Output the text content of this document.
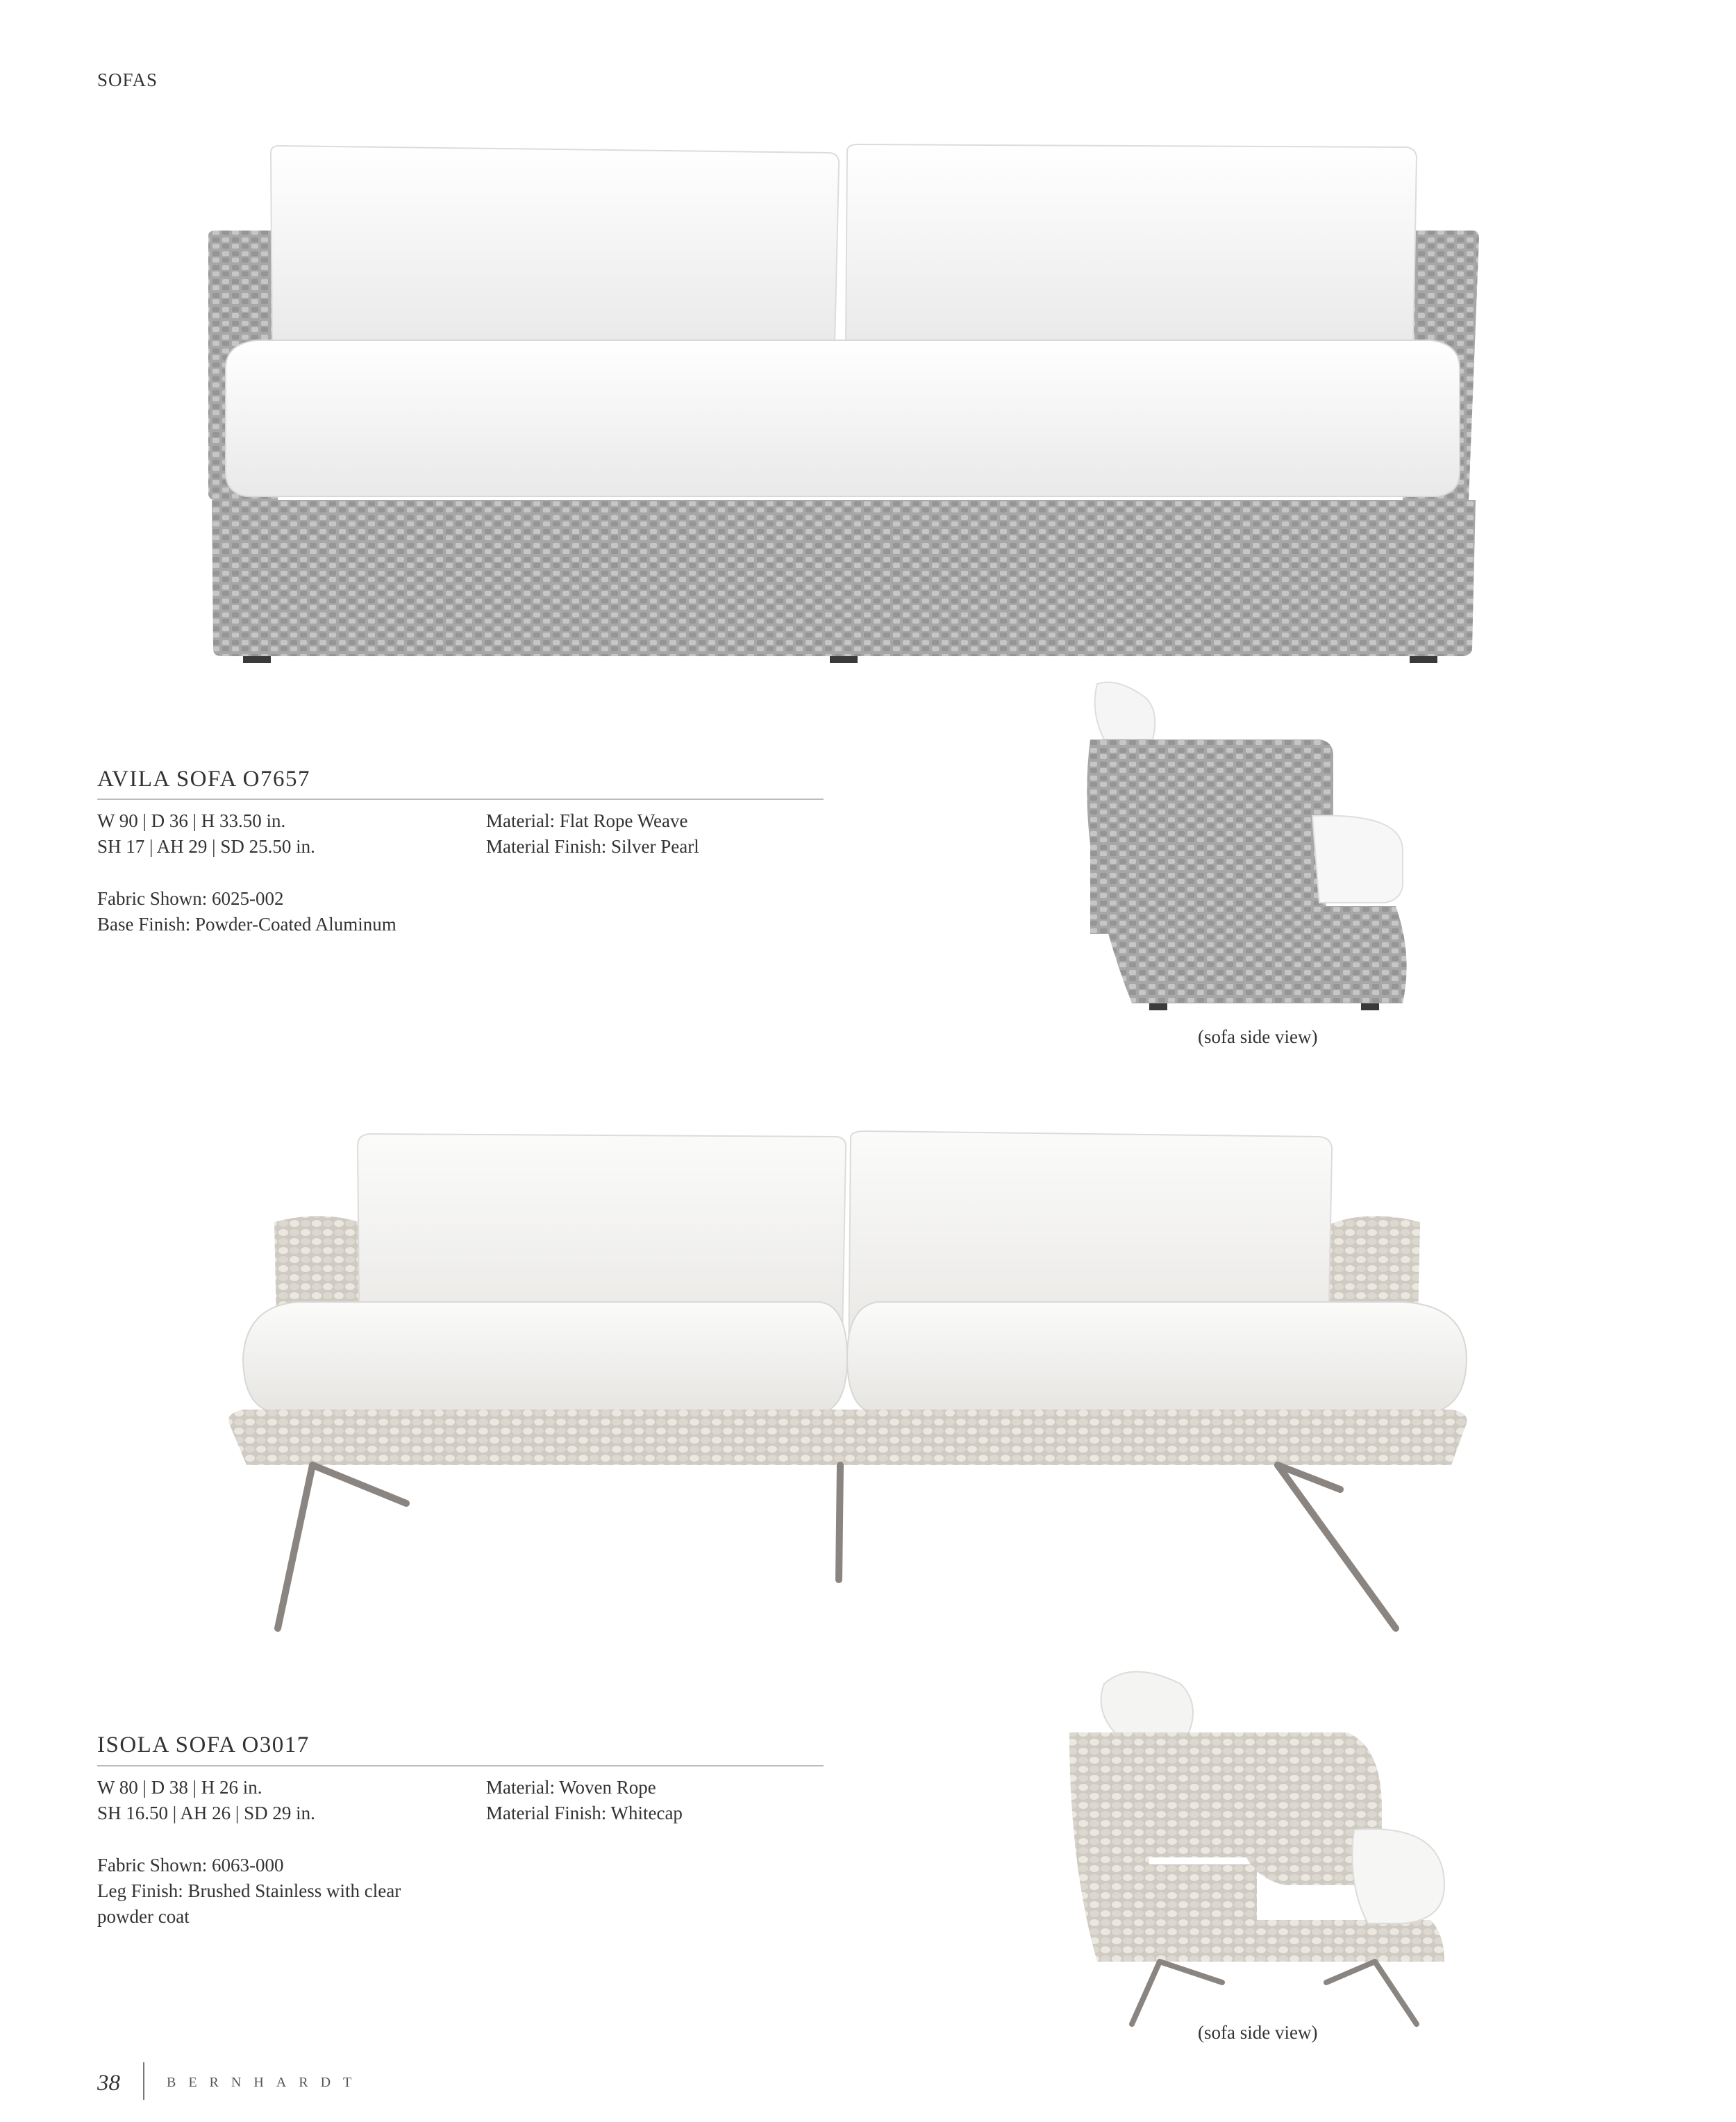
SOFAS
AVILA SOFA O7657
W 90 | D 36 | H 33.50 in.
SH 17 | AH 29 | SD 25.50 in.
Material: Flat Rope Weave
Material Finish: Silver Pearl
Fabric Shown: 6025-002
Base Finish: Powder-Coated Aluminum
(sofa side view)
ISOLA SOFA O3017
W 80 | D 38 | H 26 in.
SH 16.50 | AH 26 | SD 29 in.
Material: Woven Rope
Material Finish: Whitecap
Fabric Shown: 6063-000
Leg Finish: Brushed Stainless with clear
powder coat
(sofa side view)
38	BERNHARDT
